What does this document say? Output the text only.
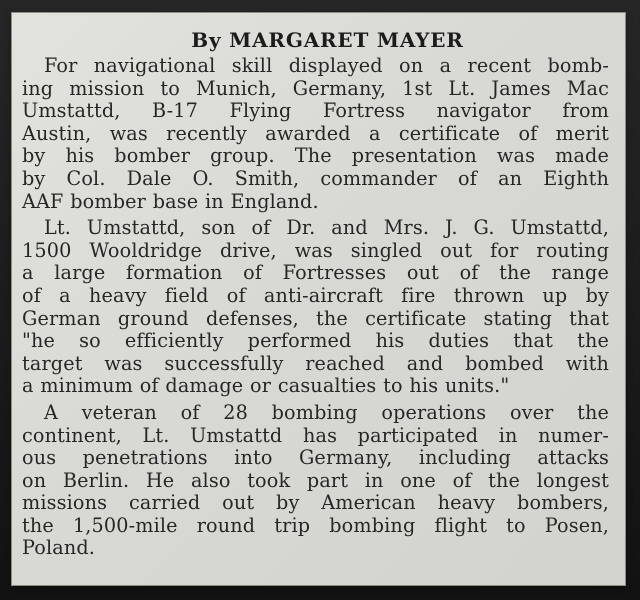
By MARGARET MAYER
For navigational skill displayed on a recent bomb-
ing mission to Munich, Germany, 1st Lt. James Mac
Umstattd, B-17 Flying Fortress navigator from
Austin, was recently awarded a certificate of merit
by his bomber group. The presentation was made
by Col. Dale O. Smith, commander of an Eighth
AAF bomber base in England.
Lt. Umstattd, son of Dr. and Mrs. J. G. Umstattd,
1500 Wooldridge drive, was singled out for routing
a large formation of Fortresses out of the range
of a heavy field of anti-aircraft fire thrown up by
German ground defenses, the certificate stating that
"he so efficiently performed his duties that the
target was successfully reached and bombed with
a minimum of damage or casualties to his units."
A veteran of 28 bombing operations over the
continent, Lt. Umstattd has participated in numer-
ous penetrations into Germany, including attacks
on Berlin. He also took part in one of the longest
missions carried out by American heavy bombers,
the 1,500-mile round trip bombing flight to Posen,
Poland.
